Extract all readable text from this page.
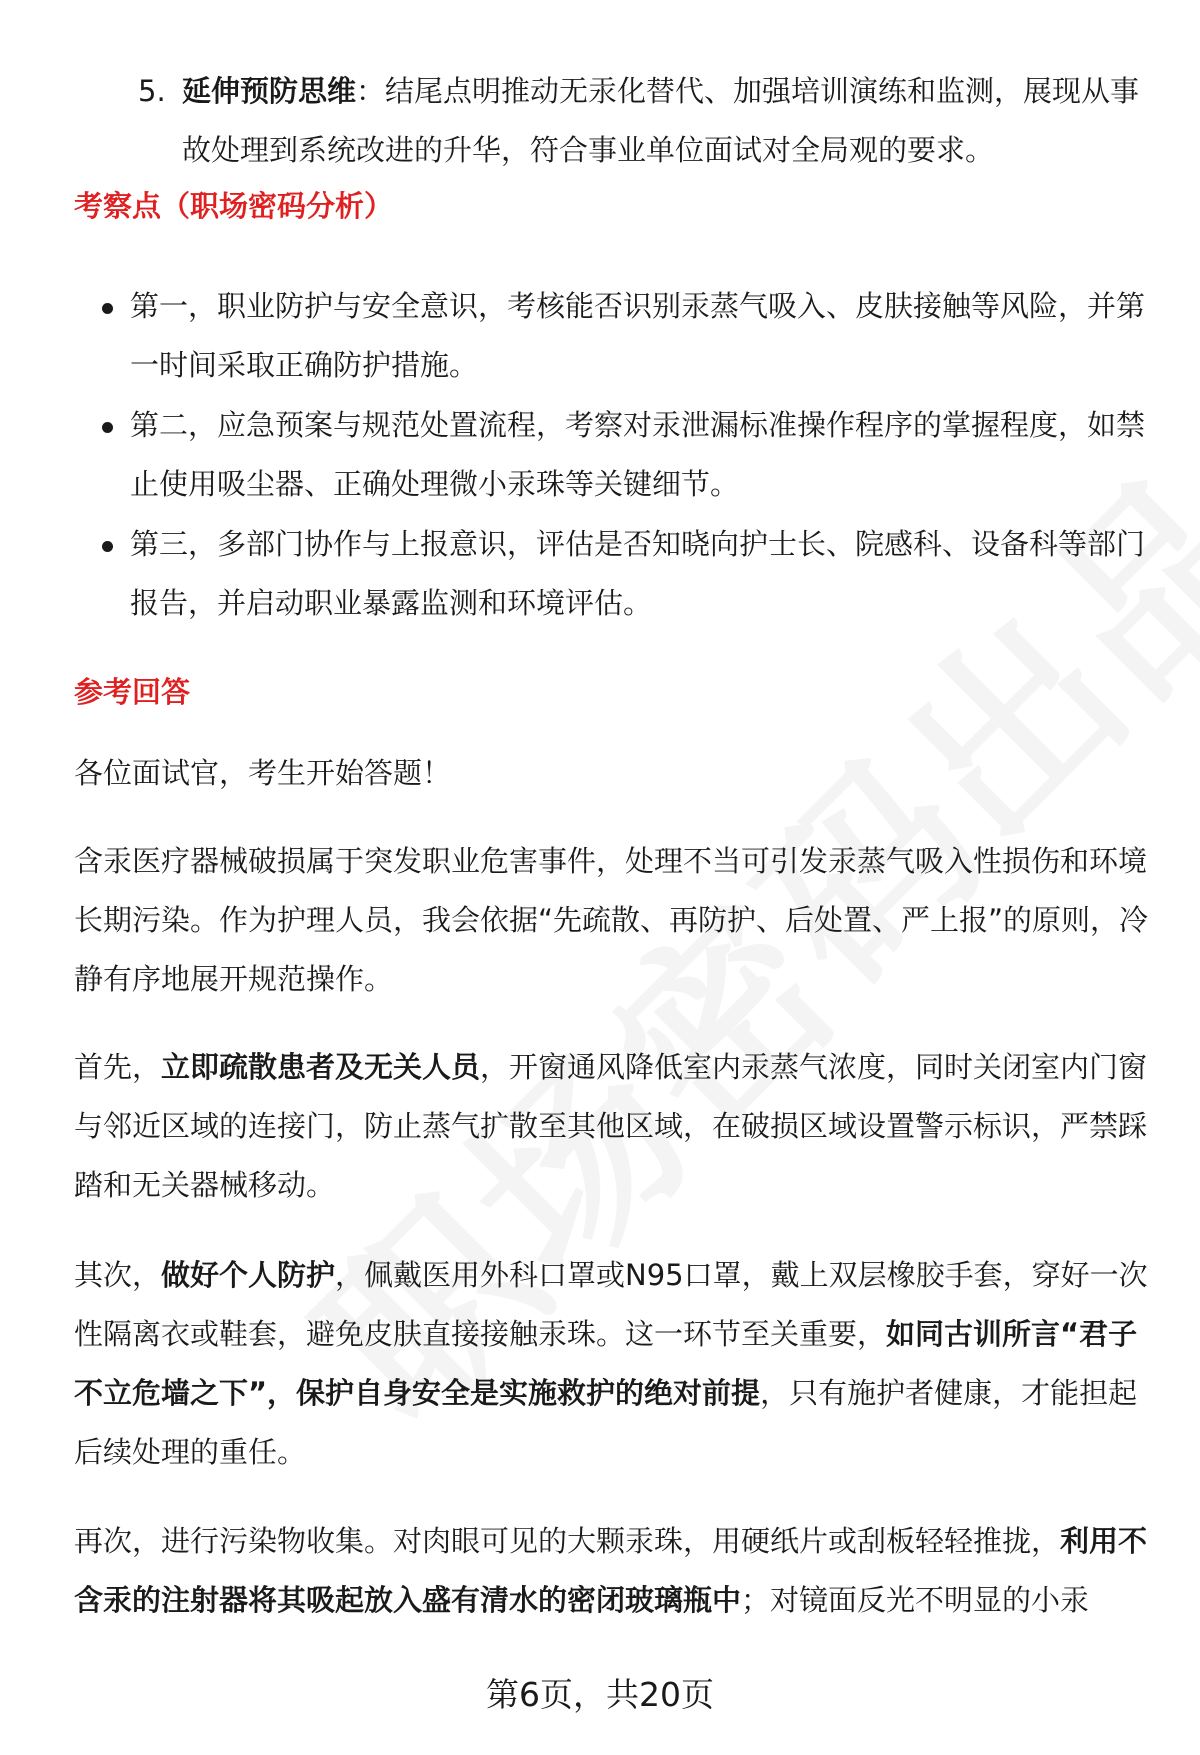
5. 延伸预防思维：结尾点明推动无汞化替代、加强培训演练和监测，展现从事故处理到系统改进的升华，符合事业单位面试对全局观的要求。
考察点（职场密码分析）
第一，职业防护与安全意识，考核能否识别汞蒸气吸入、皮肤接触等风险，并第一时间采取正确防护措施。
第二，应急预案与规范处置流程，考察对汞泄漏标准操作程序的掌握程度，如禁止使用吸尘器、正确处理微小汞珠等关键细节。
第三，多部门协作与上报意识，评估是否知晓向护士长、院感科、设备科等部门报告，并启动职业暴露监测和环境评估。
参考回答
各位面试官，考生开始答题！
含汞医疗器械破损属于突发职业危害事件，处理不当可引发汞蒸气吸入性损伤和环境长期污染。作为护理人员，我会依据“先疏散、再防护、后处置、严上报”的原则，冷静有序地展开规范操作。
首先，立即疏散患者及无关人员，开窗通风降低室内汞蒸气浓度，同时关闭室内门窗与邻近区域的连接门，防止蒸气扩散至其他区域，在破损区域设置警示标识，严禁踩踏和无关器械移动。
其次，做好个人防护，佩戴医用外科口罩或N95口罩，戴上双层橡胶手套，穿好一次性隔离衣或鞋套，避免皮肤直接接触汞珠。这一环节至关重要，如同古训所言“君子不立危墙之下”，保护自身安全是实施救护的绝对前提，只有施护者健康，才能担起后续处理的重任。
再次，进行污染物收集。对肉眼可见的大颗汞珠，用硬纸片或刮板轻轻推拢，利用不含汞的注射器将其吸起放入盛有清水的密闭玻璃瓶中；对镜面反光不明显的小汞
第6页，共20页
